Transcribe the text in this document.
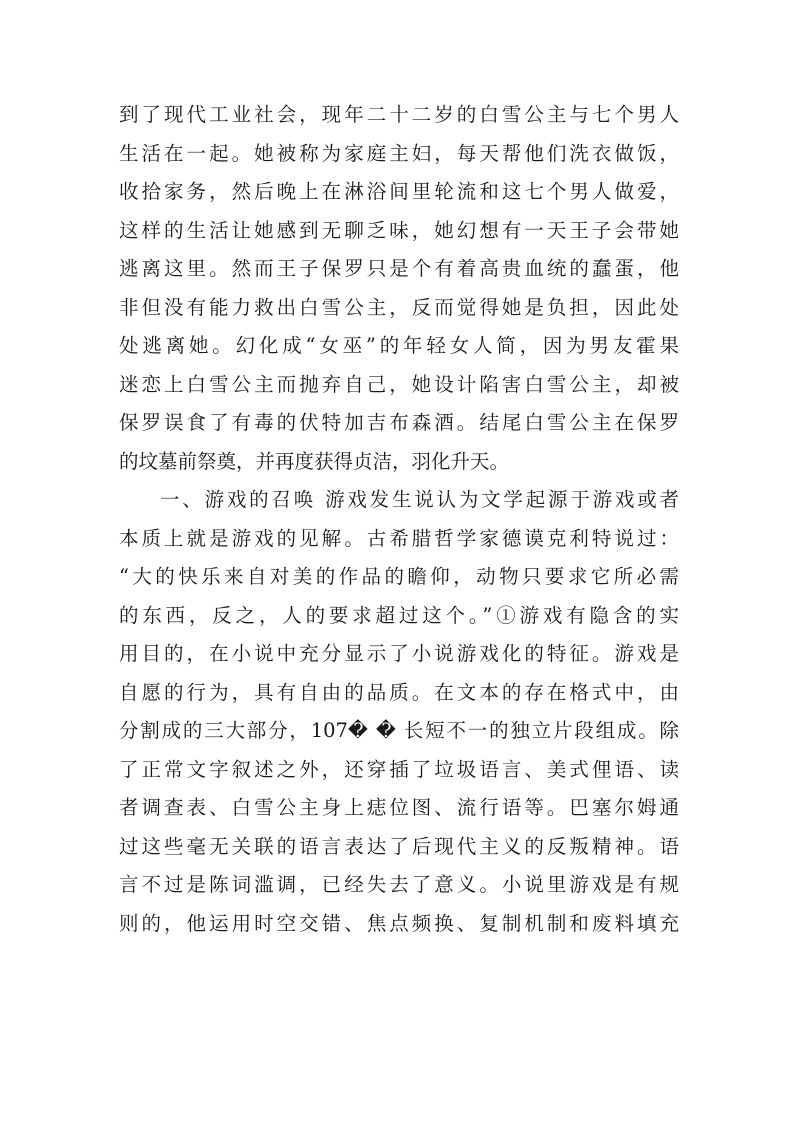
到了现代工业社会，现年二十二岁的白雪公主与七个男人
生活在一起。她被称为家庭主妇，每天帮他们洗衣做饭，
收拾家务，然后晚上在淋浴间里轮流和这七个男人做爱，
这样的生活让她感到无聊乏味，她幻想有一天王子会带她
逃离这里。然而王子保罗只是个有着高贵血统的蠢蛋，他
非但没有能力救出白雪公主，反而觉得她是负担，因此处
处逃离她。幻化成“女巫”的年轻女人简，因为男友霍果
迷恋上白雪公主而抛弃自己，她设计陷害白雪公主，却被
保罗误食了有毒的伏特加吉布森酒。结尾白雪公主在保罗
的坟墓前祭奠，并再度获得贞洁，羽化升天。
一、游戏的召唤 游戏发生说认为文学起源于游戏或者
本质上就是游戏的见解。古希腊哲学家德谟克利特说过：
“大的快乐来自对美的作品的瞻仰，动物只要求它所必需
的东西，反之，人的要求超过这个。”①游戏有隐含的实
用目的，在小说中充分显示了小说游戏化的特征。游戏是
自愿的行为，具有自由的品质。在文本的存在格式中，由
分割成的三大部分，107� � 长短不一的独立片段组成。除
了正常文字叙述之外，还穿插了垃圾语言、美式俚语、读
者调查表、白雪公主身上痣位图、流行语等。巴塞尔姆通
过这些毫无关联的语言表达了后现代主义的反叛精神。语
言不过是陈词滥调，已经失去了意义。小说里游戏是有规
则的，他运用时空交错、焦点频换、复制机制和废料填充
